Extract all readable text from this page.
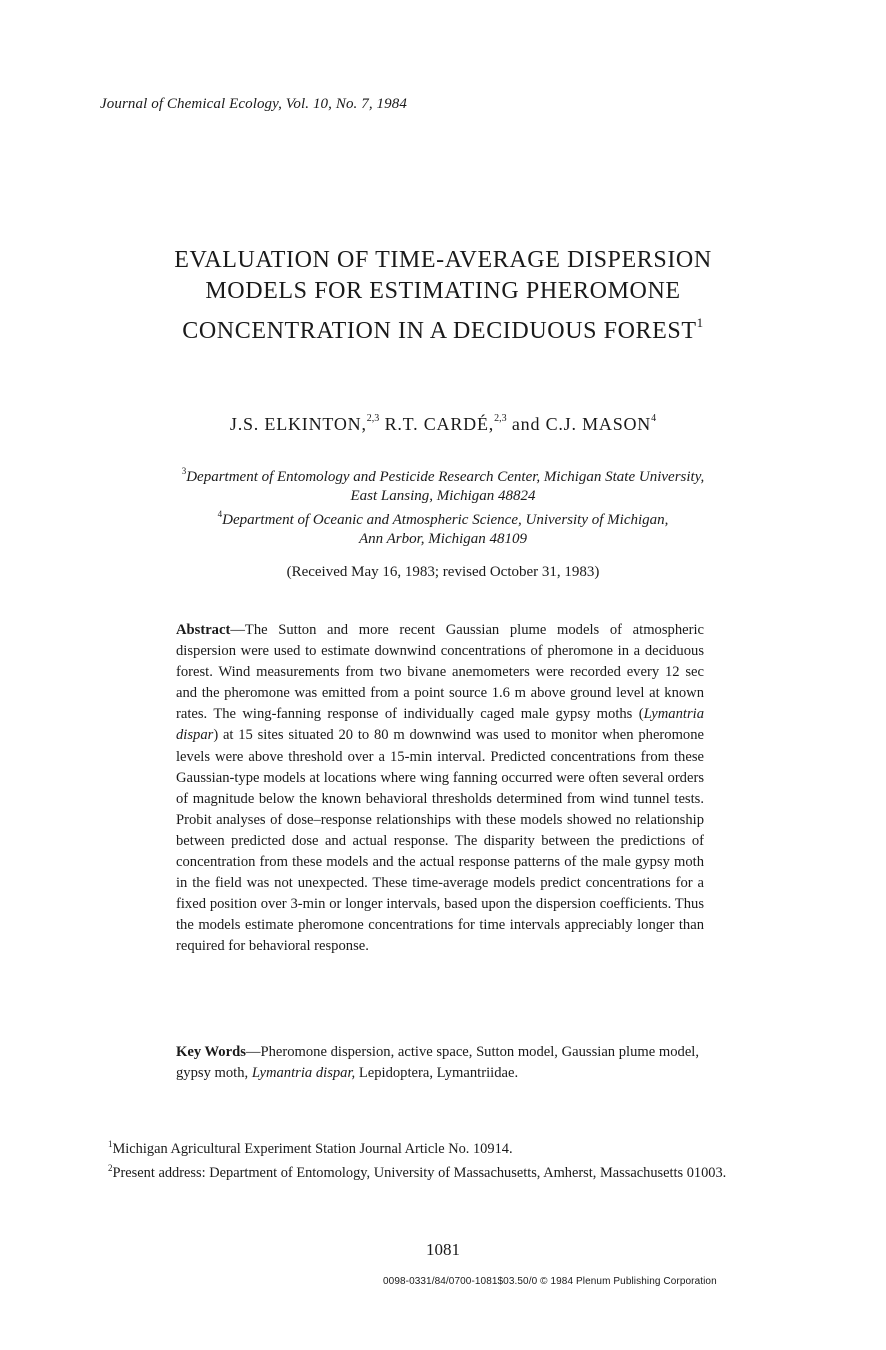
Journal of Chemical Ecology, Vol. 10, No. 7, 1984
EVALUATION OF TIME-AVERAGE DISPERSION
MODELS FOR ESTIMATING PHEROMONE
CONCENTRATION IN A DECIDUOUS FOREST$^1$
J.S. ELKINTON,$^{2,3}$ R.T. CARDÉ,$^{2,3}$ and C.J. MASON$^4$
$^3$Department of Entomology and Pesticide Research Center, Michigan State University,
East Lansing, Michigan 48824
$^4$Department of Oceanic and Atmospheric Science, University of Michigan,
Ann Arbor, Michigan 48109
(Received May 16, 1983; revised October 31, 1983)
Abstract—The Sutton and more recent Gaussian plume models of atmospheric dispersion were used to estimate downwind concentrations of pheromone in a deciduous forest. Wind measurements from two bivane anemometers were recorded every 12 sec and the pheromone was emitted from a point source 1.6 m above ground level at known rates. The wing-fanning response of individually caged male gypsy moths (Lymantria dispar) at 15 sites situated 20 to 80 m downwind was used to monitor when pheromone levels were above threshold over a 15-min interval. Predicted concentrations from these Gaussian-type models at locations where wing fanning occurred were often several orders of magnitude below the known behavioral thresholds determined from wind tunnel tests. Probit analyses of dose–response relationships with these models showed no relationship between predicted dose and actual response. The disparity between the predictions of concentration from these models and the actual response patterns of the male gypsy moth in the field was not unexpected. These time-average models predict concentrations for a fixed position over 3-min or longer intervals, based upon the dispersion coefficients. Thus the models estimate pheromone concentrations for time intervals appreciably longer than required for behavioral response.
Key Words—Pheromone dispersion, active space, Sutton model, Gaussian plume model, gypsy moth, Lymantria dispar, Lepidoptera, Lymantriidae.

$^1$Michigan Agricultural Experiment Station Journal Article No. 10914.

$^2$Present address: Department of Entomology, University of Massachusetts, Amherst, Massachusetts 01003.

1081
0098-0331/84/0700-1081$03.50/0 © 1984 Plenum Publishing Corporation
